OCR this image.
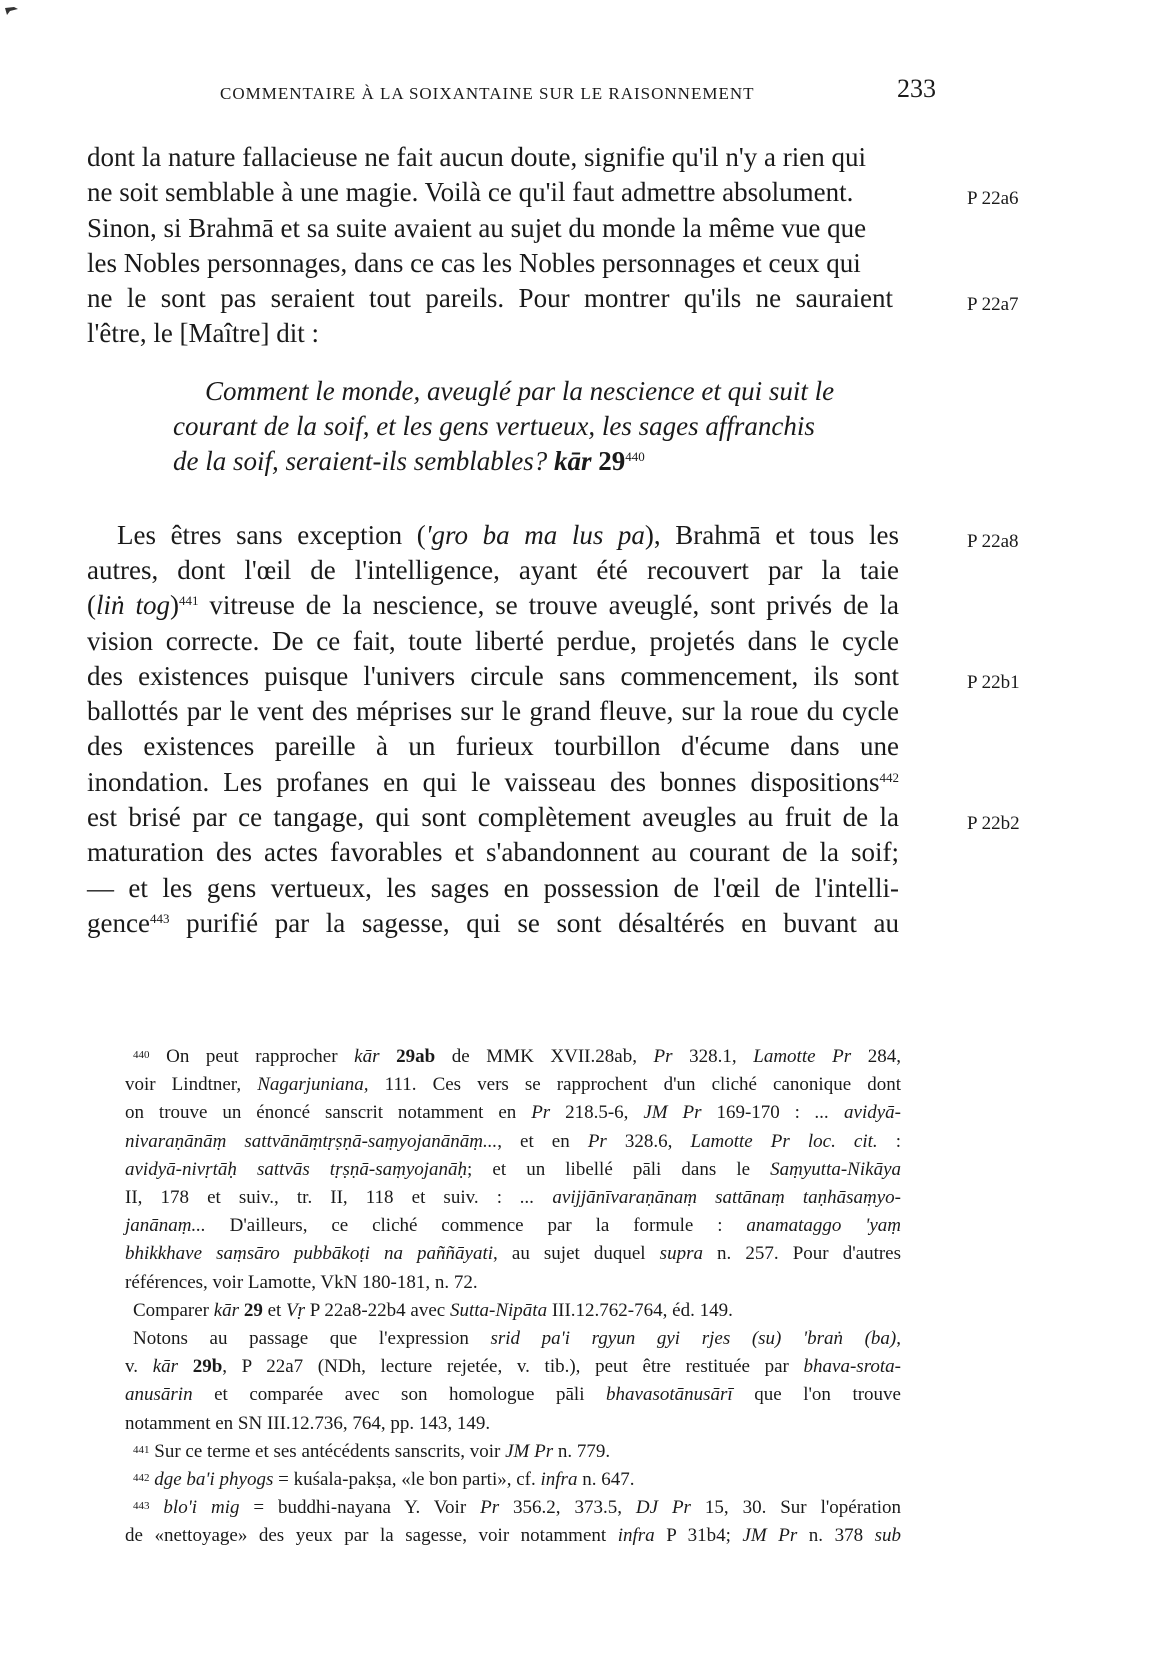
COMMENTAIRE À LA SOIXANTAINE SUR LE RAISONNEMENT	233
dont la nature fallacieuse ne fait aucun doute, signifie qu'il n'y a rien qui
ne soit semblable à une magie. Voilà ce qu'il faut admettre absolument.	P 22a6
Sinon, si Brahmā et sa suite avaient au sujet du monde la même vue que
les Nobles personnages, dans ce cas les Nobles personnages et ceux qui
ne le sont pas seraient tout pareils. Pour montrer qu'ils ne sauraient	P 22a7
l'être, le [Maître] dit :
Comment le monde, aveuglé par la nescience et qui suit le
courant de la soif, et les gens vertueux, les sages affranchis
de la soif, seraient-ils semblables? kār $29^{440}$
Les êtres sans exception ('gro ba ma lus pa), Brahmā et tous les	P 22a8
autres, dont l'œil de l'intelligence, ayant été recouvert par la taie
(liṅ tog)$^{441}$ vitreuse de la nescience, se trouve aveuglé, sont privés de la
vision correcte. De ce fait, toute liberté perdue, projetés dans le cycle
des existences puisque l'univers circule sans commencement, ils sont	P 22b1
ballottés par le vent des méprises sur le grand fleuve, sur la roue du cycle
des existences pareille à un furieux tourbillon d'écume dans une
inondation. Les profanes en qui le vaisseau des bonnes dispositions$^{442}$
est brisé par ce tangage, qui sont complètement aveugles au fruit de la	P 22b2
maturation des actes favorables et s'abandonnent au courant de la soif;
— et les gens vertueux, les sages en possession de l'œil de l'intelli-
gence$^{443}$ purifié par la sagesse, qui se sont désaltérés en buvant au
$^{440}$ On peut rapprocher kār 29ab de MMK XVII.28ab, Pr 328.1, Lamotte Pr 284,
voir Lindtner, Nagarjuniana, 111. Ces vers se rapprochent d'un cliché canonique dont
on trouve un énoncé sanscrit notamment en Pr 218.5-6, JM Pr 169-170 : ... avidyā-
nivaraṇānāṃ sattvānāṃtṛṣṇā-saṃyojanānāṃ..., et en Pr 328.6, Lamotte Pr loc. cit. :
avidyā-nivṛtāḥ sattvās tṛṣṇā-saṃyojanāḥ; et un libellé pāli dans le Saṃyutta-Nikāya
II, 178 et suiv., tr. II, 118 et suiv. : ... avijjānīvaraṇānaṃ sattānaṃ taṇhāsaṃyo-
janānaṃ... D'ailleurs, ce cliché commence par la formule : anamataggo 'yaṃ
bhikkhave saṃsāro pubbākoṭi na paññāyati, au sujet duquel supra n. 257. Pour d'autres
références, voir Lamotte, VkN 180-181, n. 72.
Comparer kār 29 et Vṛ P 22a8-22b4 avec Sutta-Nipāta III.12.762-764, éd. 149.
Notons au passage que l'expression srid pa'i rgyun gyi rjes (su) 'braṅ (ba),
v. kār 29b, P 22a7 (NDh, lecture rejetée, v. tib.), peut être restituée par bhava-srota-
anusārin et comparée avec son homologue pāli bhavasotānusārī que l'on trouve
notamment en SN III.12.736, 764, pp. 143, 149.
$^{441}$ Sur ce terme et ses antécédents sanscrits, voir JM Pr n. 779.
$^{442}$ dge ba'i phyogs = kuśala-pakṣa, «le bon parti», cf. infra n. 647.
$^{443}$ blo'i mig = buddhi-nayana Y. Voir Pr 356.2, 373.5, DJ Pr 15, 30. Sur l'opération
de «nettoyage» des yeux par la sagesse, voir notamment infra P 31b4; JM Pr n. 378 sub
